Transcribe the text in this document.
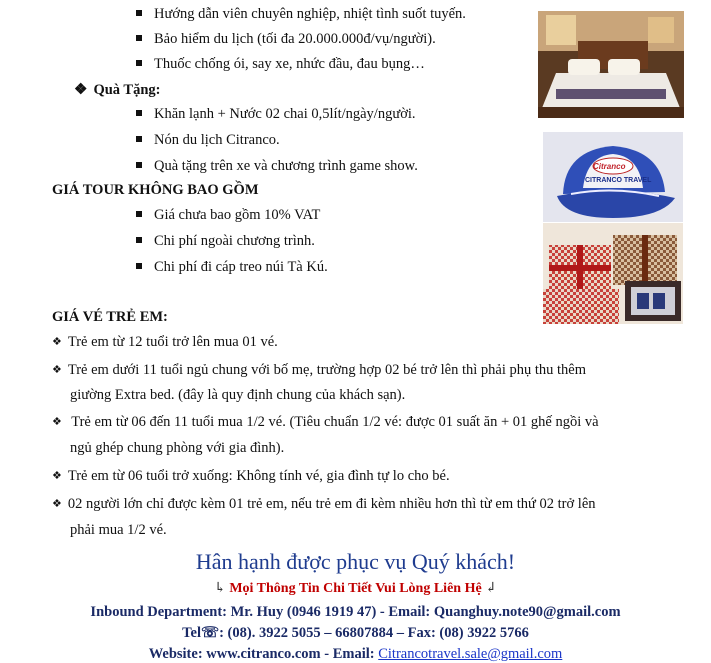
Hướng dẫn viên chuyên nghiệp, nhiệt tình suốt tuyến.
Bảo hiểm du lịch (tối đa 20.000.000đ/vụ/người).
Thuốc chống ói, say xe, nhức đầu, đau bụng…
❖ Quà Tặng:
Khăn lạnh + Nước 02 chai 0,5lít/ngày/người.
Nón du lịch Citranco.
Quà tặng trên xe và chương trình game show.
GIÁ TOUR KHÔNG BAO GỒM
Giá chưa bao gồm 10% VAT
Chi phí ngoài chương trình.
Chi phí đi cáp treo núi Tà Kú.
GIÁ VÉ TRẺ EM:
❖ Trẻ em từ 12 tuổi trở lên mua 01 vé.
❖ Trẻ em dưới 11 tuổi ngủ chung với bố mẹ, trường hợp 02 bé trở lên thì phải phụ thu thêm
giường Extra bed. (đây là quy định chung của khách sạn).
❖ Trẻ em từ 06 đến 11 tuổi mua 1/2 vé. (Tiêu chuẩn 1/2 vé: được 01 suất ăn + 01 ghế ngồi và
ngủ ghép chung phòng với gia đình).
❖ Trẻ em từ 06 tuổi trở xuống: Không tính vé, gia đình tự lo cho bé.
❖ 02 người lớn chỉ được kèm 01 trẻ em, nếu trẻ em đi kèm nhiều hơn thì từ em thứ 02 trở lên
phải mua 1/2 vé.
Citranco
CITRANCO TRAVEL
Hân hạnh được phục vụ Quý khách!
↳ Mọi Thông Tin Chi Tiết Vui Lòng Liên Hệ ↲
Inbound Department: Mr. Huy (0946 1919 47) - Email: Quanghuy.note90@gmail.com
Tel☏: (08). 3922 5055 – 66807884 – Fax: (08) 3922 5766
Website: www.citranco.com - Email: Citrancotravel.sale@gmail.com
